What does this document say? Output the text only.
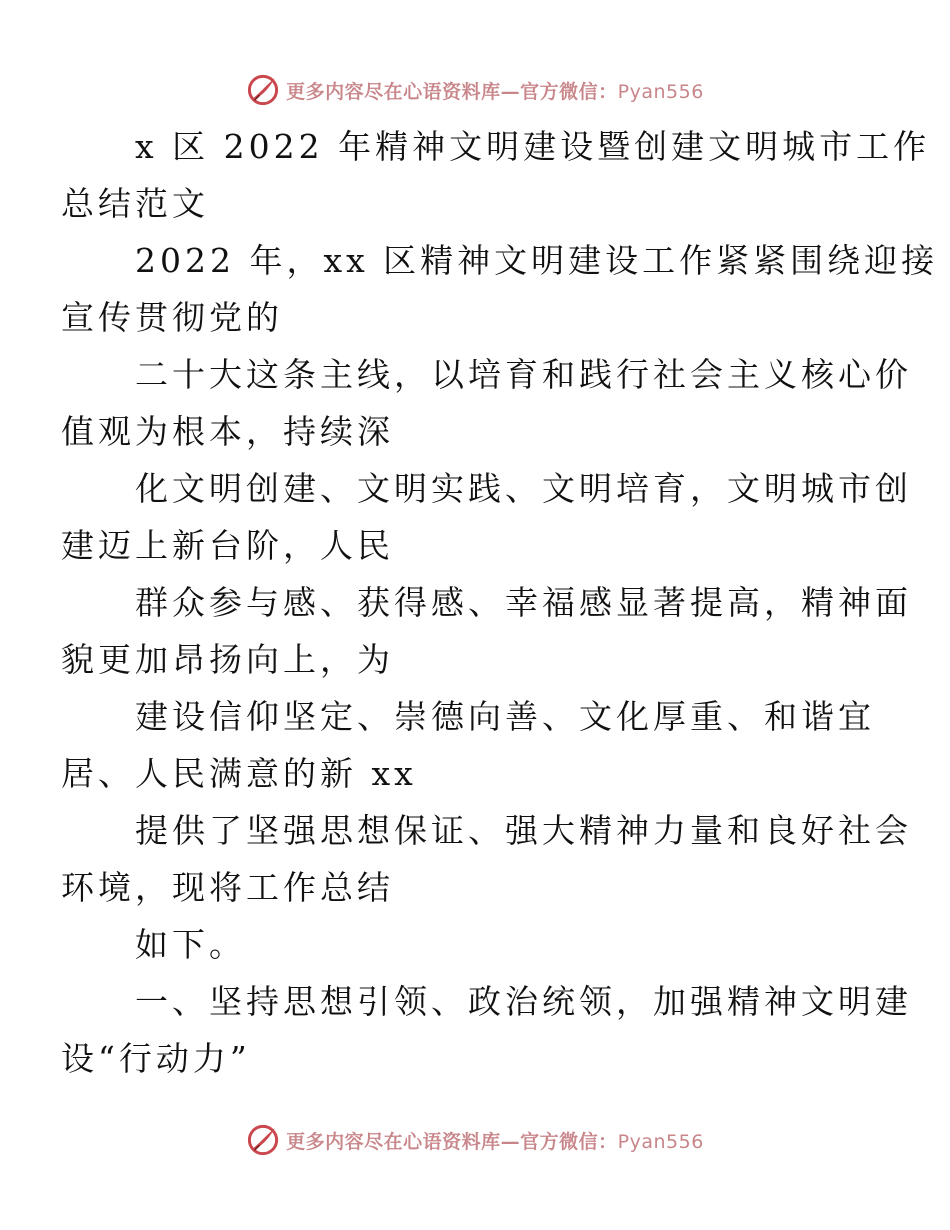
更多内容尽在心语资料库—官方微信：Pyan556

x 区 2022 年精神文明建设暨创建文明城市工作
总结范文

2022 年，xx 区精神文明建设工作紧紧围绕迎接
宣传贯彻党的

二十大这条主线，以培育和践行社会主义核心价
值观为根本，持续深

化文明创建、文明实践、文明培育，文明城市创
建迈上新台阶，人民

群众参与感、获得感、幸福感显著提高，精神面
貌更加昂扬向上，为

建设信仰坚定、崇德向善、文化厚重、和谐宜
居、人民满意的新 xx

提供了坚强思想保证、强大精神力量和良好社会
环境，现将工作总结

如下。

一、坚持思想引领、政治统领，加强精神文明建
设“行动力”

更多内容尽在心语资料库—官方微信：Pyan556
